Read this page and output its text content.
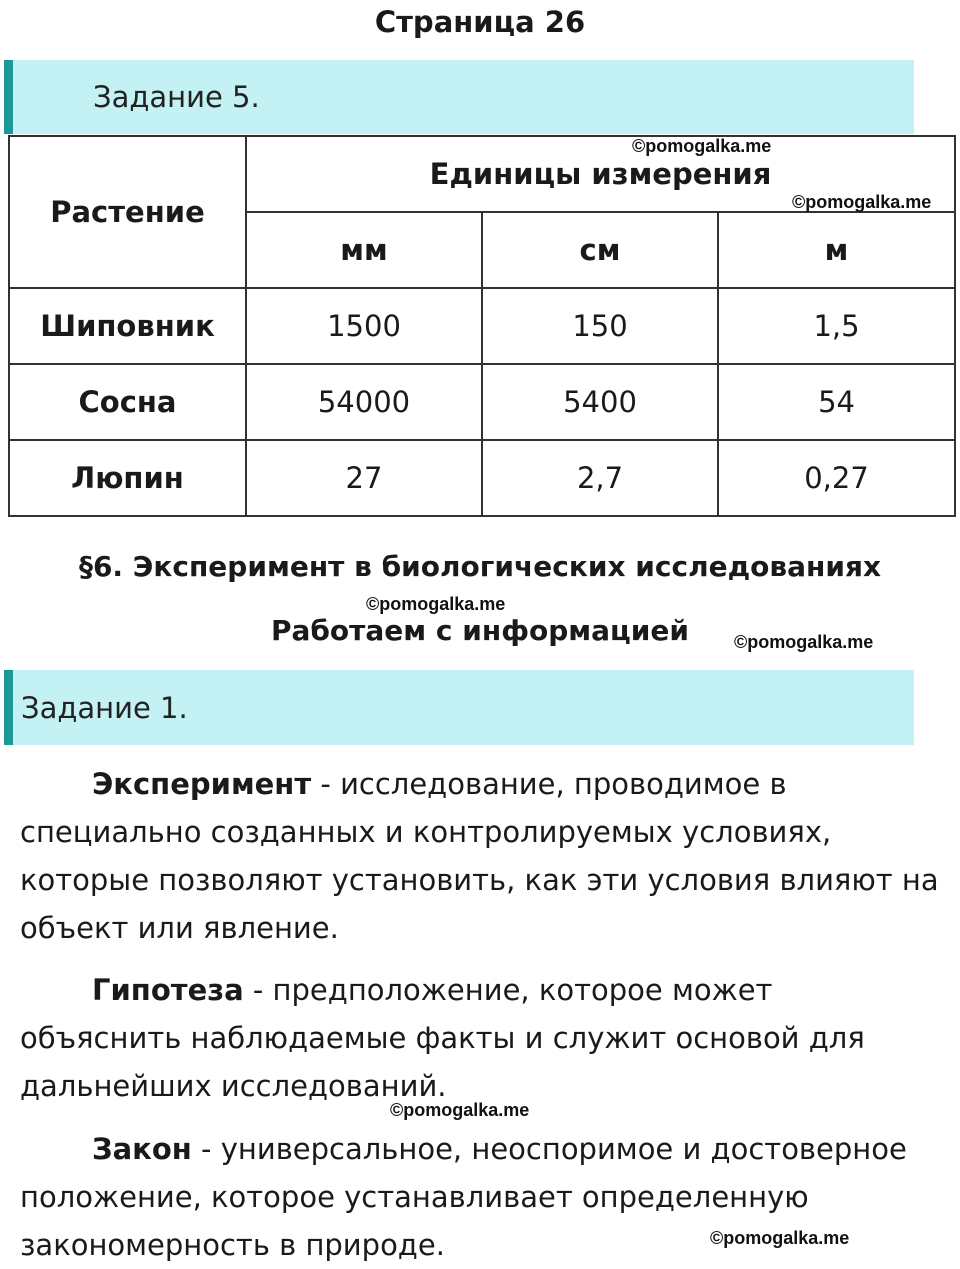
Страница 26
Задание 5.
Растение	Единицы измерения		
	мм	см	м
Шиповник	1500	150	1,5
Сосна	54000	5400	54
Люпин	27	2,7	0,27
©pomogalka.me
©pomogalka.me
§6. Эксперимент в биологических исследованиях
©pomogalka.me
Работаем с информацией	©pomogalka.me
Задание 1.
Эксперимент - исследование, проводимое в специально созданных и контролируемых условиях, которые позволяют установить, как эти условия влияют на объект или явление.
Гипотеза - предположение, которое может объяснить наблюдаемые факты и служит основой для дальнейших исследований.
©pomogalka.me
Закон - универсальное, неоспоримое и достоверное положение, которое устанавливает определенную закономерность в природе.	©pomogalka.me
